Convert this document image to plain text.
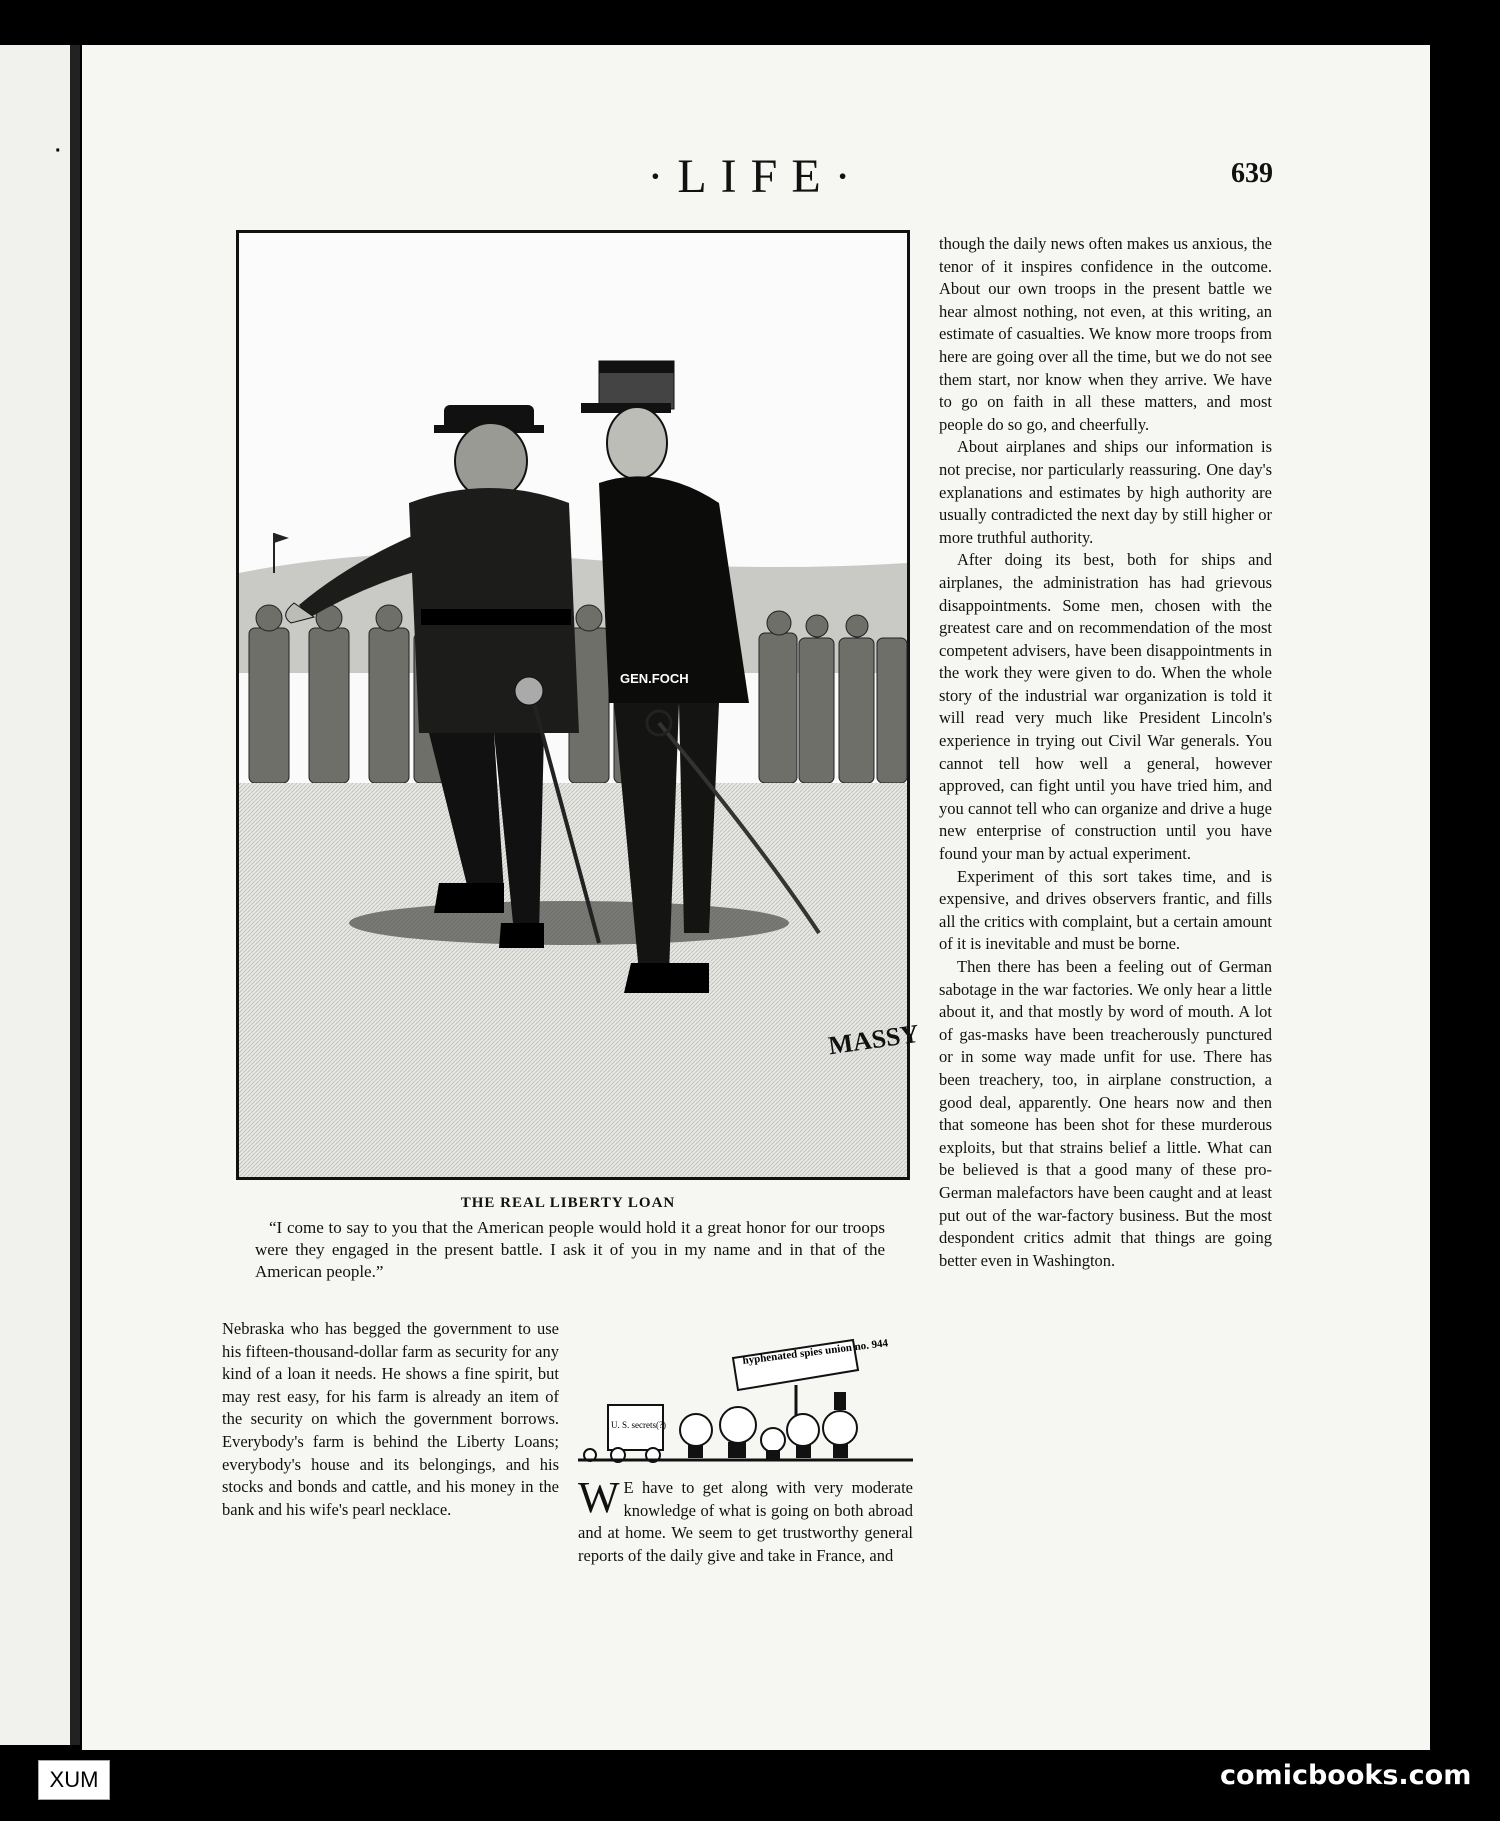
·	·LIFE·	639
GEN.FOCH
MASSY
THE REAL LIBERTY LOAN
“I come to say to you that the American people would hold it a great honor for our troops were they engaged in the present battle. I ask it of you in my name and in that of the American people.”

Nebraska who has begged the government to use his fifteen-thousand-dollar farm as security for any kind of a loan it needs. He shows a fine spirit, but may rest easy, for his farm is already an item of the security on which the government borrows. Everybody's farm is behind the Liberty Loans; everybody's house and its belongings, and his stocks and bonds and cattle, and his money in the bank and his wife's pearl necklace.

hyphenated spies union no. 944
U. S. secrets(?)

W E have to get along with very moderate knowledge of what is going on both abroad and at home. We seem to get trustworthy general reports of the daily give and take in France, and

though the daily news often makes us anxious, the tenor of it inspires confidence in the outcome. About our own troops in the present battle we hear almost nothing, not even, at this writing, an estimate of casualties. We know more troops from here are going over all the time, but we do not see them start, nor know when they arrive. We have to go on faith in all these matters, and most people do so go, and cheerfully.

About airplanes and ships our information is not precise, nor particularly reassuring. One day's explanations and estimates by high authority are usually contradicted the next day by still higher or more truthful authority.

After doing its best, both for ships and airplanes, the administration has had grievous disappointments. Some men, chosen with the greatest care and on recommendation of the most competent advisers, have been disappointments in the work they were given to do. When the whole story of the industrial war organization is told it will read very much like President Lincoln's experience in trying out Civil War generals. You cannot tell how well a general, however approved, can fight until you have tried him, and you cannot tell who can organize and drive a huge new enterprise of construction until you have found your man by actual experiment.

Experiment of this sort takes time, and is expensive, and drives observers frantic, and fills all the critics with complaint, but a certain amount of it is inevitable and must be borne.

Then there has been a feeling out of German sabotage in the war factories. We only hear a little about it, and that mostly by word of mouth. A lot of gas-masks have been treacherously punctured or in some way made unfit for use. There has been treachery, too, in airplane construction, a good deal, apparently. One hears now and then that someone has been shot for these murderous exploits, but that strains belief a little. What can be believed is that a good many of these pro-German malefactors have been caught and at least put out of the war-factory business. But the most despondent critics admit that things are going better even in Washington.

XUM	comicbooks.com
